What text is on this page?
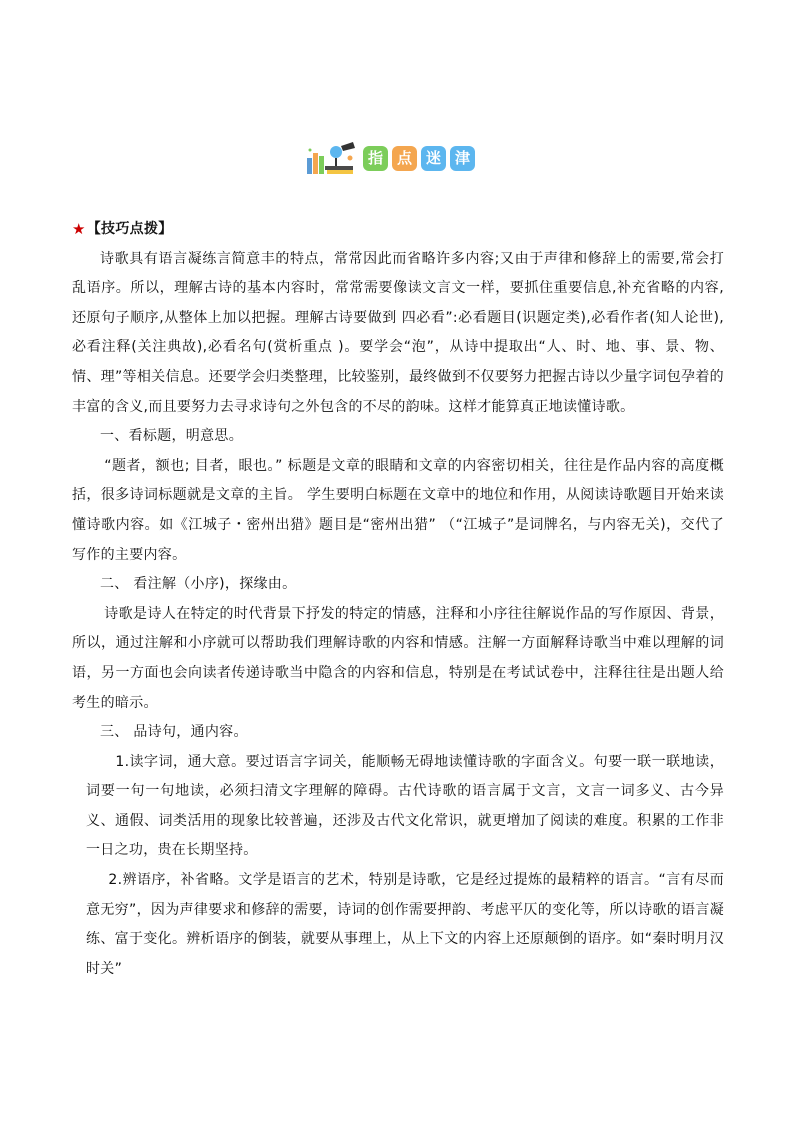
指 点 迷 津
★ 【技巧点拨】

诗歌具有语言凝练言简意丰的特点，常常因此而省略许多内容;又由于声律和修辞上的需要,常会打乱语序。所以，理解古诗的基本内容时，常常需要像读文言文一样，要抓住重要信息,补充省略的内容,还原句子顺序,从整体上加以把握。理解古诗要做到 四必看”:必看题目(识题定类),必看作者(知人论世),必看注释(关注典故),必看名句(赏析重点 )。要学会“泡”，从诗中提取出“人、时、地、事、景、物、情、理”等相关信息。还要学会归类整理，比较鉴别，最终做到不仅要努力把握古诗以少量字词包孕着的丰富的含义,而且要努力去寻求诗句之外包含的不尽的韵味。这样才能算真正地读懂诗歌。

一、看标题，明意思。

“题者，额也; 目者，眼也。” 标题是文章的眼睛和文章的内容密切相关，往往是作品内容的高度概括，很多诗词标题就是文章的主旨。 学生要明白标题在文章中的地位和作用，从阅读诗歌题目开始来读懂诗歌内容。如《江城子・密州出猎》题目是“密州出猎” （“江城子”是词牌名，与内容无关)，交代了写作的主要内容。

二、 看注解（小序)，探缘由。

诗歌是诗人在特定的时代背景下抒发的特定的情感，注释和小序往往解说作品的写作原因、背景，所以，通过注解和小序就可以帮助我们理解诗歌的内容和情感。注解一方面解释诗歌当中难以理解的词语，另一方面也会向读者传递诗歌当中隐含的内容和信息，特别是在考试试卷中，注释往往是出题人给考生的暗示。

三、 品诗句，通内容。

1.读字词，通大意。要过语言字词关，能顺畅无碍地读懂诗歌的字面含义。句要一联一联地读，词要一句一句地读，必须扫清文字理解的障碍。古代诗歌的语言属于文言，文言一词多义、古今异义、通假、词类活用的现象比较普遍，还涉及古代文化常识，就更增加了阅读的难度。积累的工作非一日之功，贵在长期坚持。

2.辨语序，补省略。文学是语言的艺术，特别是诗歌，它是经过提炼的最精粹的语言。“言有尽而意无穷”，因为声律要求和修辞的需要，诗词的创作需要押韵、考虑平仄的变化等，所以诗歌的语言凝练、富于变化。辨析语序的倒装，就要从事理上，从上下文的内容上还原颠倒的语序。如“秦时明月汉时关”
